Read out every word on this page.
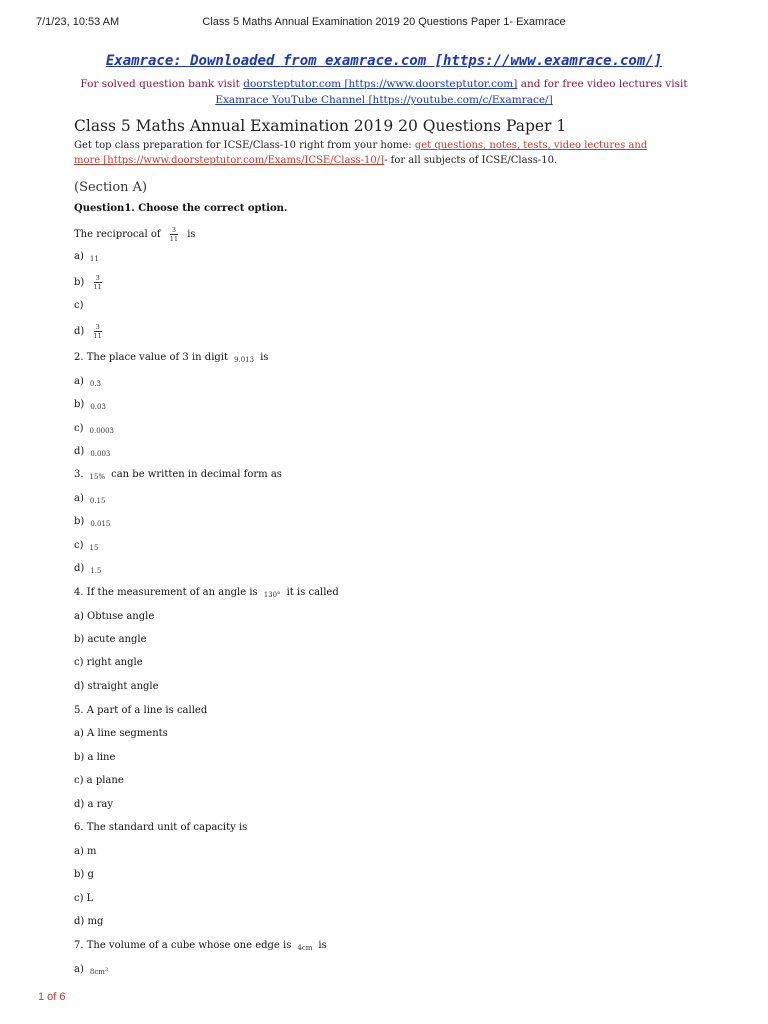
7/1/23, 10:53 AM	Class 5 Maths Annual Examination 2019 20 Questions Paper 1- Examrace
Examrace: Downloaded from examrace.com [https://www.examrace.com/]
For solved question bank visit doorsteptutor.com [https://www.doorsteptutor.com] and for free video lectures visit Examrace YouTube Channel [https://youtube.com/c/Examrace/]
Class 5 Maths Annual Examination 2019 20 Questions Paper 1
Get top class preparation for ICSE/Class-10 right from your home: get questions, notes, tests, video lectures and more [https://www.doorsteptutor.com/Exams/ICSE/Class-10/]- for all subjects of ICSE/Class-10.
(Section A)
Question1. Choose the correct option.
The reciprocal of $\frac{3}{11}$ is
a) $_{11}$
$b) \frac{3}{11}$
c)
$d) \frac{3}{11}$
2. The place value of 3 in digit $_{9.013}$ is
a) $_{0.3}$
b) $_{0.03}$
c) $_{0.0003}$
d) $_{0.003}$
3. $_{15\%}$ can be written in decimal form as
a) $_{0.15}$
b) $_{0.015}$
c) $_{15}$
d) $_{1.5}$
4. If the measurement of an angle is $_{130^\circ}$ it is called
a) Obtuse angle
b) acute angle
c) right angle
d) straight angle
5. A part of a line is called
a) A line segments
b) a line
c) a plane
d) a ray
6. The standard unit of capacity is
a) m
b) g
c) L
d) mg
7. The volume of a cube whose one edge is $_{4cm}$ is
a) $_{8cm^3}$
1 of 6
